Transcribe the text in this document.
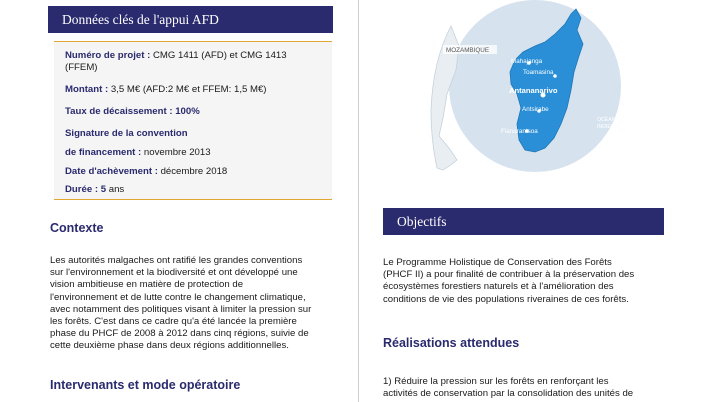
Données clés de l'appui AFD
Numéro de projet : CMG 1411 (AFD) et CMG 1413
(FFEM)
Montant : 3,5 M€ (AFD:2 M€ et FFEM: 1,5 M€)
Taux de décaissement : 100%
Signature de la convention
de financement : novembre 2013
Date d'achèvement : décembre 2018
Durée : 5 ans
Contexte
Les autorités malgaches ont ratifié les grandes conventions
sur l'environnement et la biodiversité et ont développé une
vision ambitieuse en matière de protection de
l'environnement et de lutte contre le changement climatique,
avec notamment des politiques visant à limiter la pression sur
les forêts. C'est dans ce cadre qu'a été lancée la première
phase du PHCF de 2008 à 2012 dans cinq régions, suivie de
cette deuxième phase dans deux régions additionnelles.
Intervenants et mode opératoire
MOZAMBIQUE
Mahajanga
Toamasina
Antananarivo
Antsirabe
Fianarantsoa
OCÉAN
INDIEN
Objectifs
Le Programme Holistique de Conservation des Forêts
(PHCF II) a pour finalité de contribuer à la préservation des
écosystèmes forestiers naturels et à l'amélioration des
conditions de vie des populations riveraines de ces forêts.
Réalisations attendues
1) Réduire la pression sur les forêts en renforçant les
activités de conservation par la consolidation des unités de
